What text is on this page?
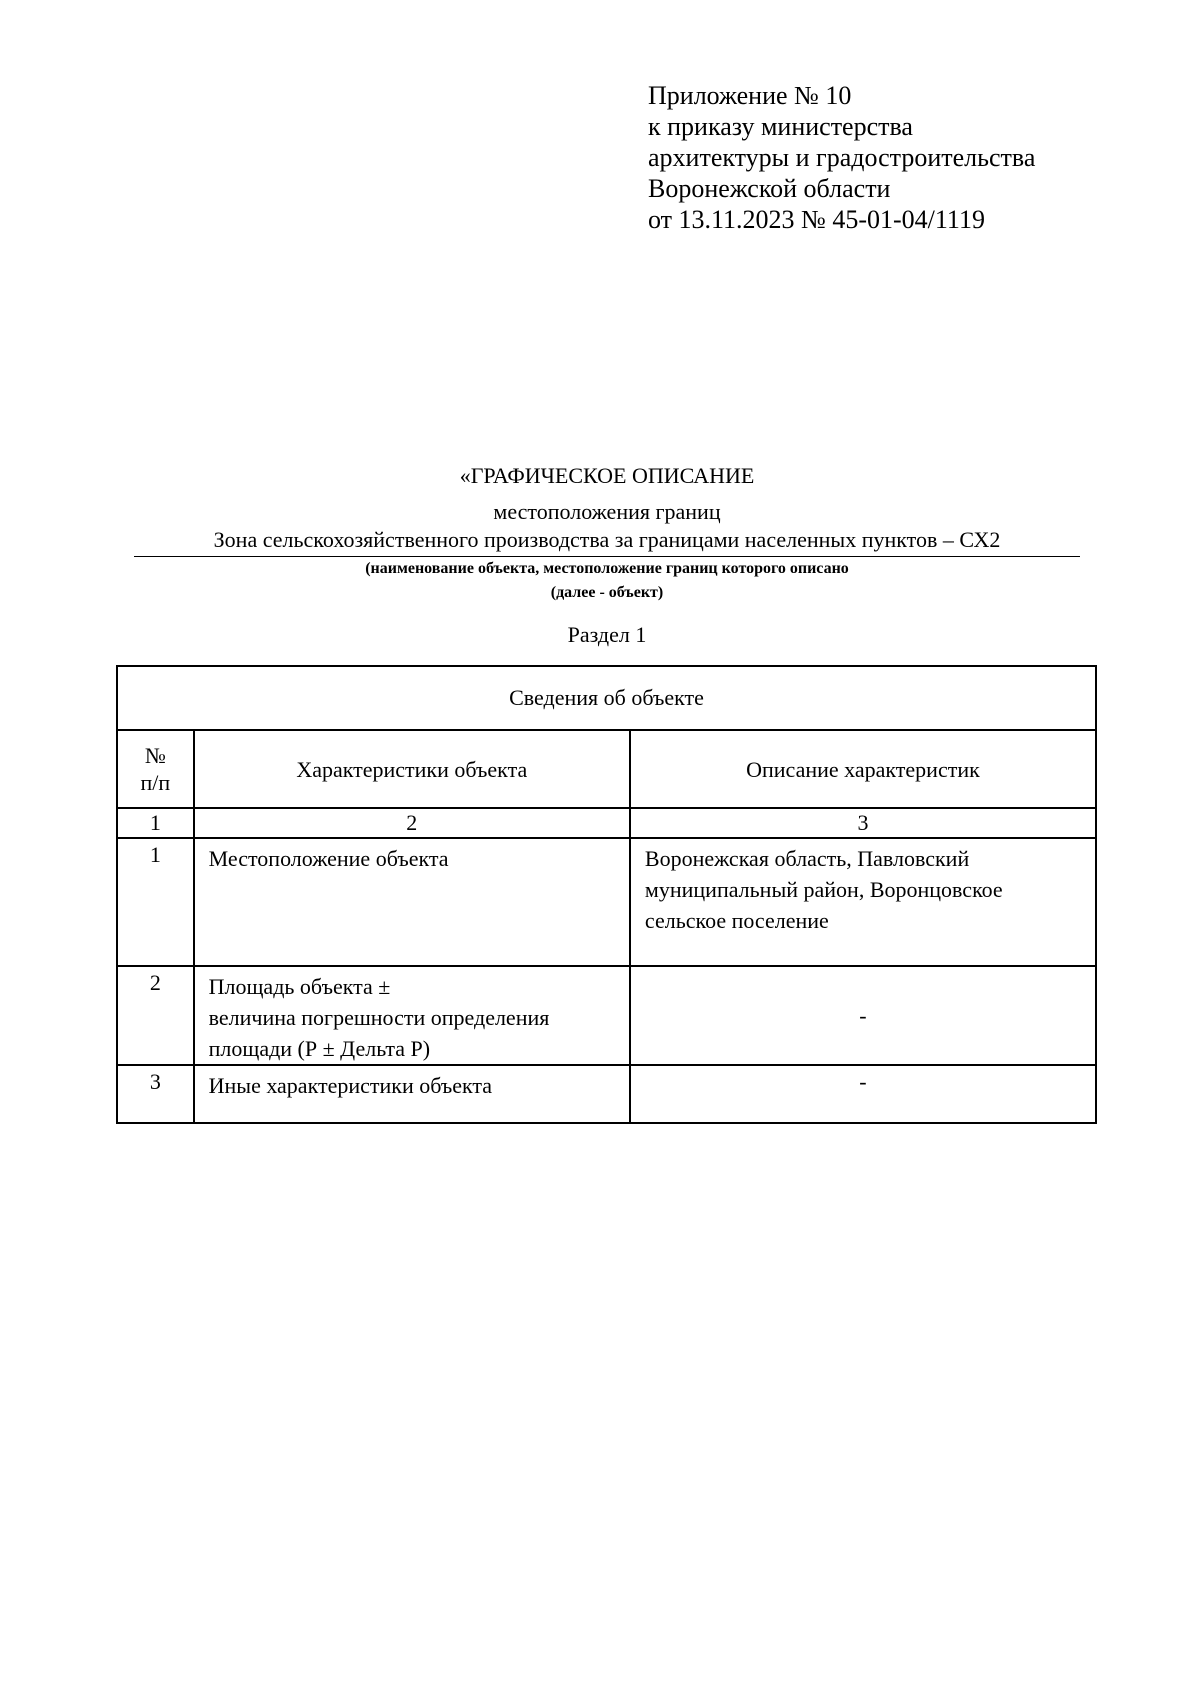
Приложение № 10
к приказу министерства
архитектуры и градостроительства
Воронежской области
от 13.11.2023 № 45-01-04/1119
«ГРАФИЧЕСКОЕ ОПИСАНИЕ
местоположения границ
Зона сельскохозяйственного производства за границами населенных пунктов – СХ2
(наименование объекта, местоположение границ которого описано
(далее - объект)
Раздел 1
Сведения об объекте		

№
п/п	Характеристики объекта	Описание характеристик
1	2	3
1	Местоположение объекта	Воронежская область, Павловский
муниципальный район, Воронцовское
сельское поселение

2	Площадь объекта ±
величина погрешности определения
площади (Р ± Дельта Р)	-
3	Иные характеристики объекта	-
